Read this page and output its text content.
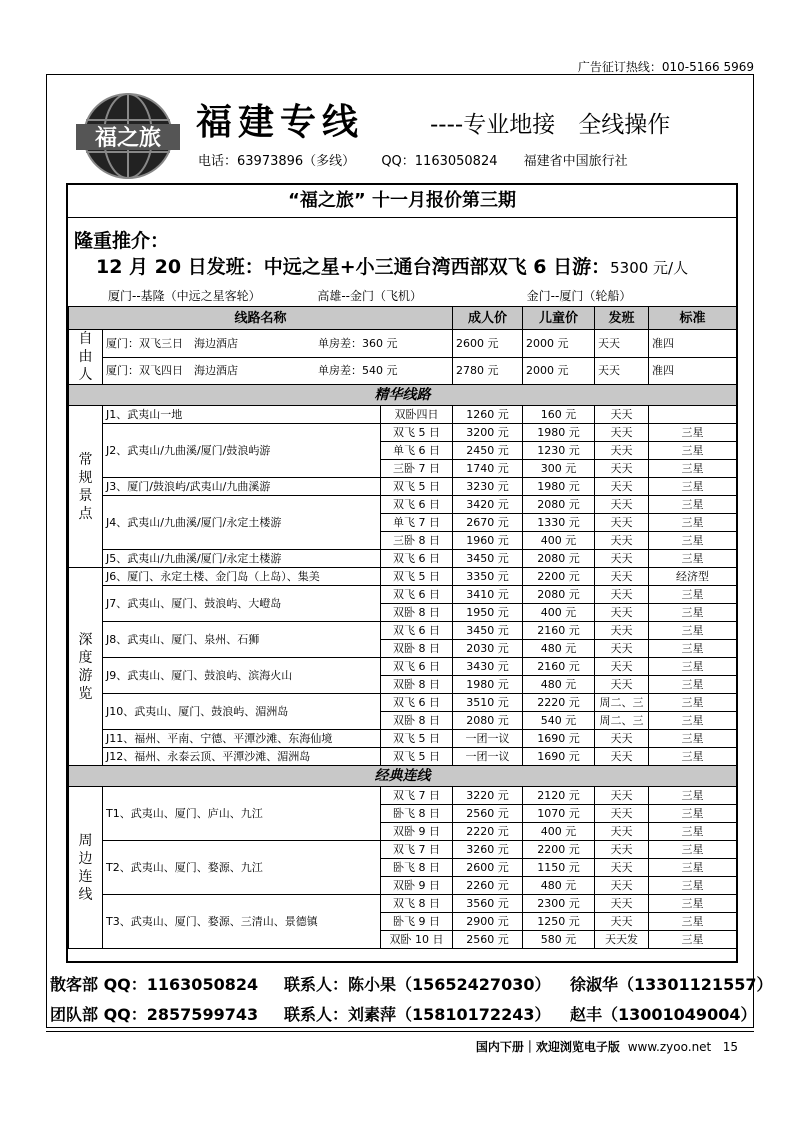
广告征订热线：010-5166 5969
福之旅 福建专线	----专业地接　全线操作
电话：63973896（多线） QQ：1163050824 福建省中国旅行社
“福之旅” 十一月报价第三期
隆重推介：
12 月 20 日发班：中远之星+小三通台湾西部双飞 6 日游：5300 元/人
厦门--基隆（中远之星客轮）	高雄--金门（飞机）	金门--厦门（轮船）
线路名称			成人价	儿童价	发班	标准
自由人	厦门：双飞三日　海边酒店 单房差：360 元		2600 元	2000 元	天天	准四
	厦门：双飞四日　海边酒店 单房差：540 元		2780 元	2000 元	天天	准四
精华线路						
常规景点	J1、武夷山一地	双卧四日	1260 元	160 元	天天	
	J2、武夷山/九曲溪/厦门/鼓浪屿游	双飞 5 日	3200 元	1980 元	天天	三星
		单飞 6 日	2450 元	1230 元	天天	三星
		三卧 7 日	1740 元	300 元	天天	三星
	J3、厦门/鼓浪屿/武夷山/九曲溪游	双飞 5 日	3230 元	1980 元	天天	三星
	J4、武夷山/九曲溪/厦门/永定土楼游	双飞 6 日	3420 元	2080 元	天天	三星
		单飞 7 日	2670 元	1330 元	天天	三星
		三卧 8 日	1960 元	400 元	天天	三星
	J5、武夷山/九曲溪/厦门/永定土楼游	双飞 6 日	3450 元	2080 元	天天	三星
深度游览	J6、厦门、永定土楼、金门岛（上岛）、集美	双飞 5 日	3350 元	2200 元	天天	经济型
	J7、武夷山、厦门、鼓浪屿、大嶝岛	双飞 6 日	3410 元	2080 元	天天	三星
		双卧 8 日	1950 元	400 元	天天	三星
	J8、武夷山、厦门、泉州、石狮	双飞 6 日	3450 元	2160 元	天天	三星
		双卧 8 日	2030 元	480 元	天天	三星
	J9、武夷山、厦门、鼓浪屿、滨海火山	双飞 6 日	3430 元	2160 元	天天	三星
		双卧 8 日	1980 元	480 元	天天	三星
	J10、武夷山、厦门、鼓浪屿、湄洲岛	双飞 6 日	3510 元	2220 元	周二、三	三星
		双卧 8 日	2080 元	540 元	周二、三	三星
	J11、福州、平南、宁德、平潭沙滩、东海仙境	双飞 5 日	一团一议	1690 元	天天	三星
	J12、福州、永泰云顶、平潭沙滩、湄洲岛	双飞 5 日	一团一议	1690 元	天天	三星
经典连线						
周边连线	T1、武夷山、厦门、庐山、九江	双飞 7 日	3220 元	2120 元	天天	三星
		卧飞 8 日	2560 元	1070 元	天天	三星
		双卧 9 日	2220 元	400 元	天天	三星
	T2、武夷山、厦门、婺源、九江	双飞 7 日	3260 元	2200 元	天天	三星
		卧飞 8 日	2600 元	1150 元	天天	三星
		双卧 9 日	2260 元	480 元	天天	三星
	T3、武夷山、厦门、婺源、三清山、景德镇	双飞 8 日	3560 元	2300 元	天天	三星
		卧飞 9 日	2900 元	1250 元	天天	三星
		双卧 10 日	2560 元	580 元	天天发	三星
散客部 QQ：1163050824 联系人：陈小果（15652427030） 徐淑华（13301121557）
团队部 QQ：2857599743 联系人：刘素萍（15810172243） 赵丰（13001049004）
国内下册｜欢迎浏览电子版 www.zyoo.net 15
